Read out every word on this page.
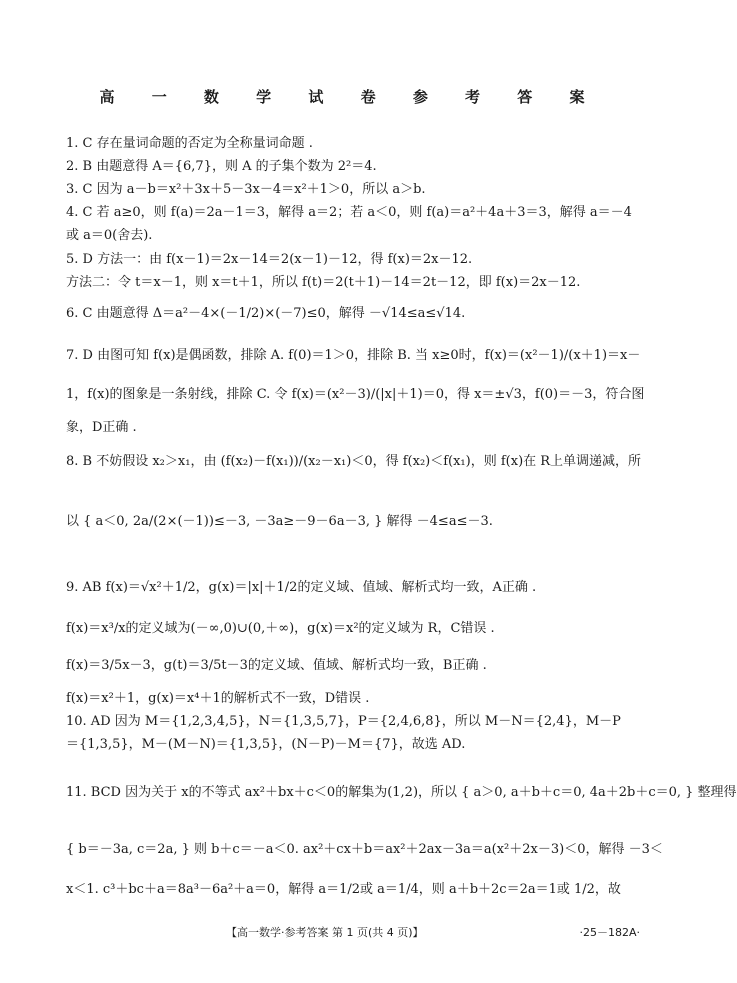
高 一 数 学 试 卷 参 考 答 案
1. C 存在量词命题的否定为全称量词命题 .
2. B 由题意得 A＝{6,7}，则 A 的子集个数为 2²＝4.
3. C 因为 a－b＝x²＋3x＋5－3x－4＝x²＋1＞0，所以 a＞b.
4. C 若 a≥0，则 f(a)＝2a－1＝3，解得 a＝2；若 a＜0，则 f(a)＝a²＋4a＋3＝3，解得 a＝－4
或 a＝0(舍去).
5. D 方法一：由 f(x－1)＝2x－14＝2(x－1)－12，得 f(x)＝2x－12.
方法二：令 t＝x－1，则 x＝t＋1，所以 f(t)＝2(t＋1)－14＝2t－12，即 f(x)＝2x－12.
6. C 由题意得 Δ＝a²－4×(－1/2)×(－7)≤0，解得 －√14≤a≤√14.
7. D 由图可知 f(x)是偶函数，排除 A. f(0)＝1＞0，排除 B. 当 x≥0时，f(x)＝(x²－1)/(x＋1)＝x－
1，f(x)的图象是一条射线，排除 C. 令 f(x)＝(x²－3)/(|x|＋1)＝0，得 x＝±√3，f(0)＝－3，符合图
象，D正确 .
8. B 不妨假设 x₂＞x₁，由 (f(x₂)－f(x₁))/(x₂－x₁)＜0，得 f(x₂)＜f(x₁)，则 f(x)在 R上单调递减，所
以 { a＜0, 2a/(2×(－1))≤－3, －3a≥－9－6a－3, } 解得 －4≤a≤－3.
9. AB f(x)＝√x²＋1/2，g(x)＝|x|＋1/2的定义域、值域、解析式均一致，A正确 .
f(x)＝x³/x的定义域为(－∞,0)∪(0,＋∞)，g(x)＝x²的定义域为 R，C错误 .
f(x)＝3/5x－3，g(t)＝3/5t－3的定义域、值域、解析式均一致，B正确 .
f(x)＝x²＋1，g(x)＝x⁴＋1的解析式不一致，D错误 .
10. AD 因为 M＝{1,2,3,4,5}，N＝{1,3,5,7}，P＝{2,4,6,8}，所以 M－N＝{2,4}，M－P
＝{1,3,5}，M－(M－N)＝{1,3,5}，(N－P)－M＝{7}，故选 AD.
11. BCD 因为关于 x的不等式 ax²＋bx＋c＜0的解集为(1,2)，所以 { a＞0, a＋b＋c＝0, 4a＋2b＋c＝0, } 整理得
{ b＝－3a, c＝2a, } 则 b＋c＝－a＜0. ax²＋cx＋b＝ax²＋2ax－3a＝a(x²＋2x－3)＜0，解得 －3＜
x＜1. c³＋bc＋a＝8a³－6a²＋a＝0，解得 a＝1/2或 a＝1/4，则 a＋b＋2c＝2a＝1或 1/2，故
【高一数学·参考答案 第 1 页(共 4 页)】	·25－182A·
